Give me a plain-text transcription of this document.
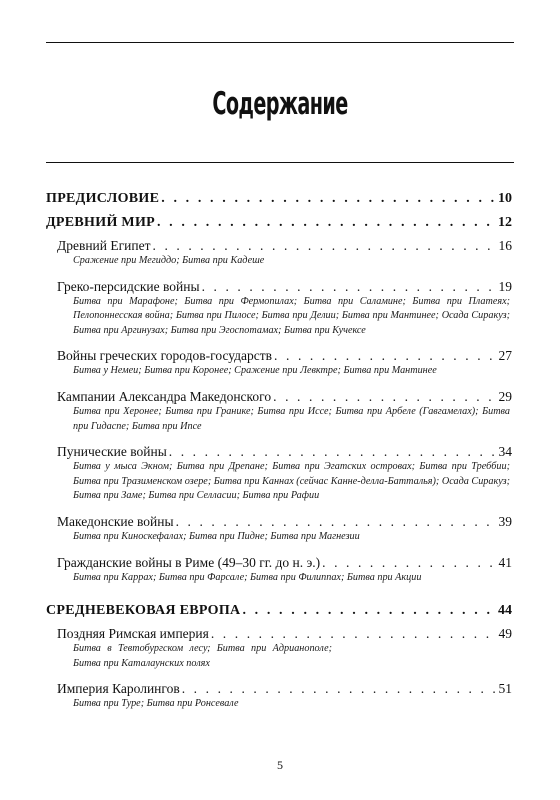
Содержание
ПРЕДИСЛОВИЕ . . .	10
ДРЕВНИЙ МИР . . .	12
Древний Египет . . .	16
Сражение при Мегиддо; Битва при Кадеше
Греко-персидские войны . . .	19
Битва при Марафоне; Битва при Фермопилах; Битва при Саламине; Битва при Платеях; Пелопоннесская война; Битва при Пилосе; Битва при Делии; Битва при Мантинее; Осада Сиракуз; Битва при Аргинузах; Битва при Эгоспотамах; Битва при Кучексе
Войны греческих городов-государств . . .	27
Битва у Немеи; Битва при Коронее; Сражение при Левктре; Битва при Мантинее
Кампании Александра Македонского . . .	29
Битва при Херонее; Битва при Гранике; Битва при Иссе; Битва при Арбеле (Гавгамелах); Битва при Гидаспе; Битва при Ипсе
Пунические войны . . .	34
Битва у мыса Экном; Битва при Дрепане; Битва при Эгатских островах; Битва при Треббии; Битва при Тразименском озере; Битва при Каннах (сейчас Канне-делла-Батталья); Осада Сиракуз; Битва при Заме; Битва при Селласии; Битва при Рафии
Македонские войны . . .	39
Битва при Киноскефалах; Битва при Пидне; Битва при Магнезии
Гражданские войны в Риме (49–30 гг. до н. э.) . . .	41
Битва при Каррах; Битва при Фарсале; Битва при Филиппах; Битва при Акции
СРЕДНЕВЕКОВАЯ ЕВРОПА . . .	44
Поздняя Римская империя . . .	49
Битва в Тевтобургском лесу; Битва при Адрианополе; Битва при Каталаунских полях
Империя Каролингов . . .	51
Битва при Туре; Битва при Ронсевале
5
